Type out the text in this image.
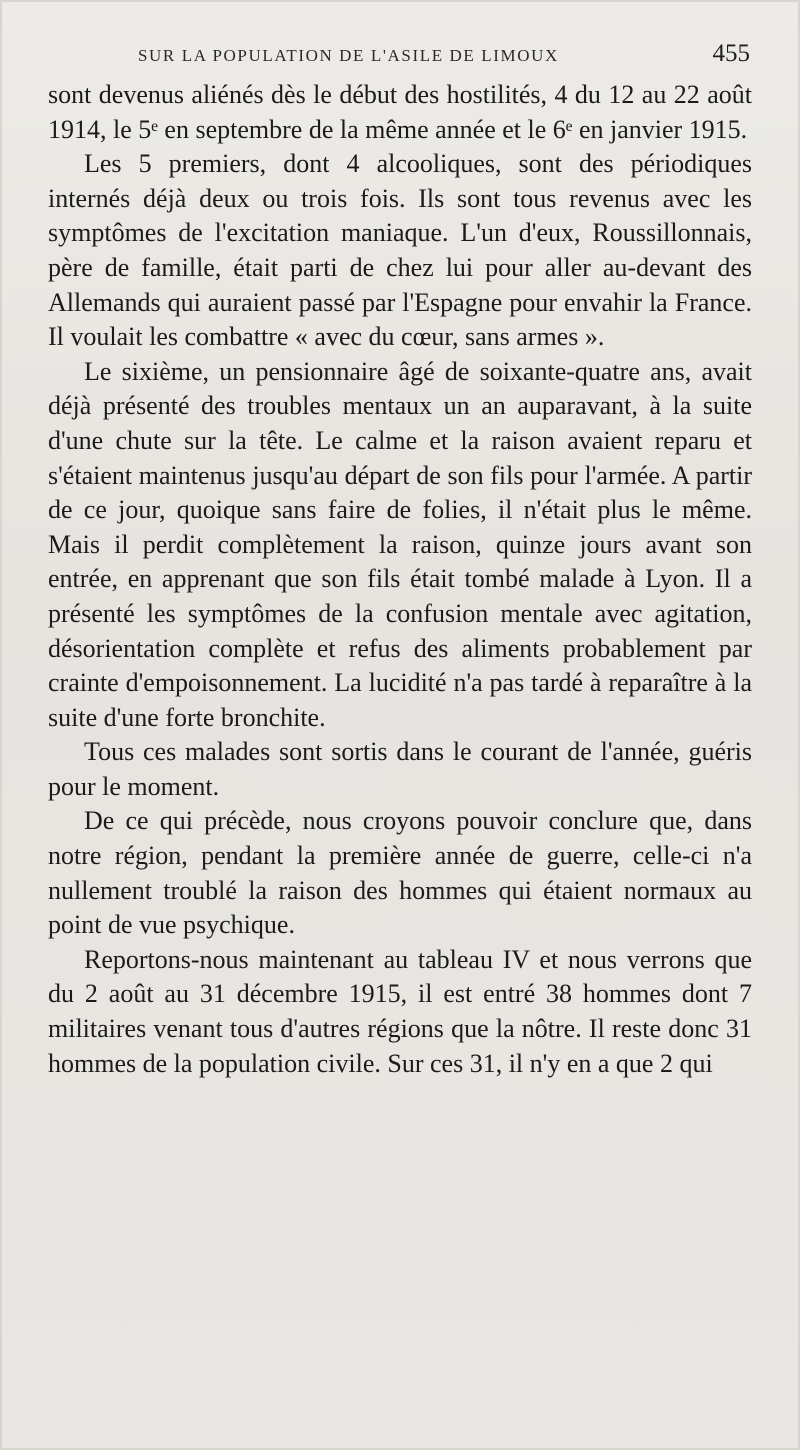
SUR LA POPULATION DE L'ASILE DE LIMOUX	455

sont devenus aliénés dès le début des hostilités, 4 du 12 au 22 août 1914, le 5ᵉ en septembre de la même année et le 6ᵉ en janvier 1915.

Les 5 premiers, dont 4 alcooliques, sont des périodiques internés déjà deux ou trois fois. Ils sont tous revenus avec les symptômes de l'excitation maniaque. L'un d'eux, Roussillonnais, père de famille, était parti de chez lui pour aller au-devant des Allemands qui auraient passé par l'Espagne pour envahir la France. Il voulait les combattre « avec du cœur, sans armes ».

Le sixième, un pensionnaire âgé de soixante-quatre ans, avait déjà présenté des troubles mentaux un an auparavant, à la suite d'une chute sur la tête. Le calme et la raison avaient reparu et s'étaient maintenus jusqu'au départ de son fils pour l'armée. A partir de ce jour, quoique sans faire de folies, il n'était plus le même. Mais il perdit complètement la raison, quinze jours avant son entrée, en apprenant que son fils était tombé malade à Lyon. Il a présenté les symptômes de la confusion mentale avec agitation, désorientation complète et refus des aliments probablement par crainte d'empoisonnement. La lucidité n'a pas tardé à reparaître à la suite d'une forte bronchite.

Tous ces malades sont sortis dans le courant de l'année, guéris pour le moment.

De ce qui précède, nous croyons pouvoir conclure que, dans notre région, pendant la première année de guerre, celle-ci n'a nullement troublé la raison des hommes qui étaient normaux au point de vue psychique.

Reportons-nous maintenant au tableau IV et nous verrons que du 2 août au 31 décembre 1915, il est entré 38 hommes dont 7 militaires venant tous d'autres régions que la nôtre. Il reste donc 31 hommes de la population civile. Sur ces 31, il n'y en a que 2 qui
